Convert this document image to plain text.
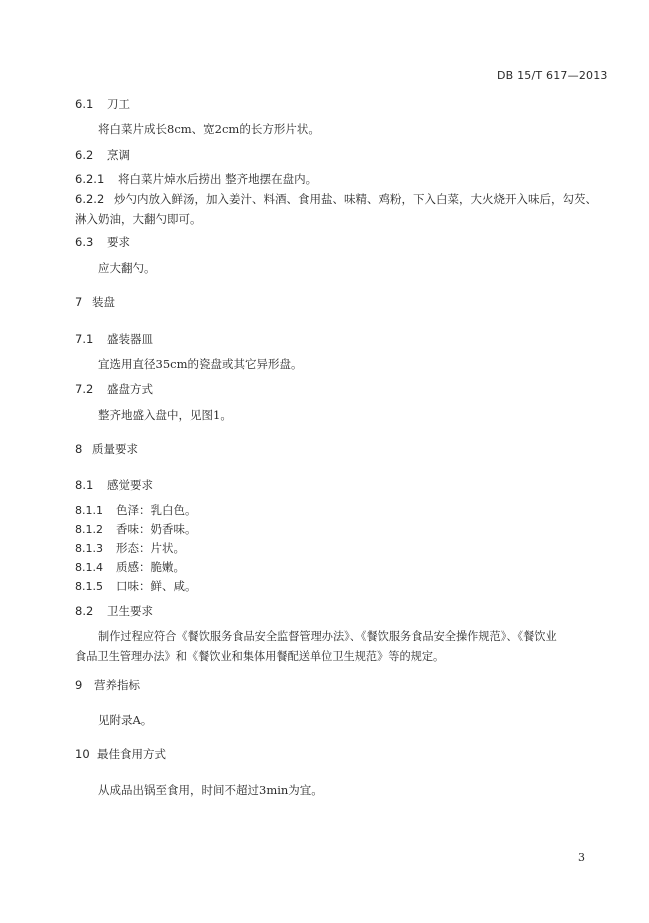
DB 15/T 617—2013
6.1 刀工
将白菜片成长8cm、宽2cm的长方形片状。
6.2 烹调
6.2.1 将白菜片焯水后捞出 整齐地摆在盘内。
6.2.2 炒勺内放入鲜汤，加入姜汁、料酒、食用盐、味精、鸡粉，下入白菜，大火烧开入味后，勾芡、
淋入奶油，大翻勺即可。
6.3 要求
应大翻勺。
7 装盘
7.1 盛装器皿
宜选用直径35cm的瓷盘或其它异形盘。
7.2 盛盘方式
整齐地盛入盘中，见图1。
8 质量要求
8.1 感觉要求
8.1.1 色泽：乳白色。
8.1.2 香味：奶香味。
8.1.3 形态：片状。
8.1.4 质感：脆嫩。
8.1.5 口味：鲜、咸。
8.2 卫生要求
制作过程应符合《餐饮服务食品安全监督管理办法》、《餐饮服务食品安全操作规范》、《餐饮业
食品卫生管理办法》和《餐饮业和集体用餐配送单位卫生规范》等的规定。
9 营养指标
见附录A。
10 最佳食用方式
从成品出锅至食用，时间不超过3min为宜。
3
